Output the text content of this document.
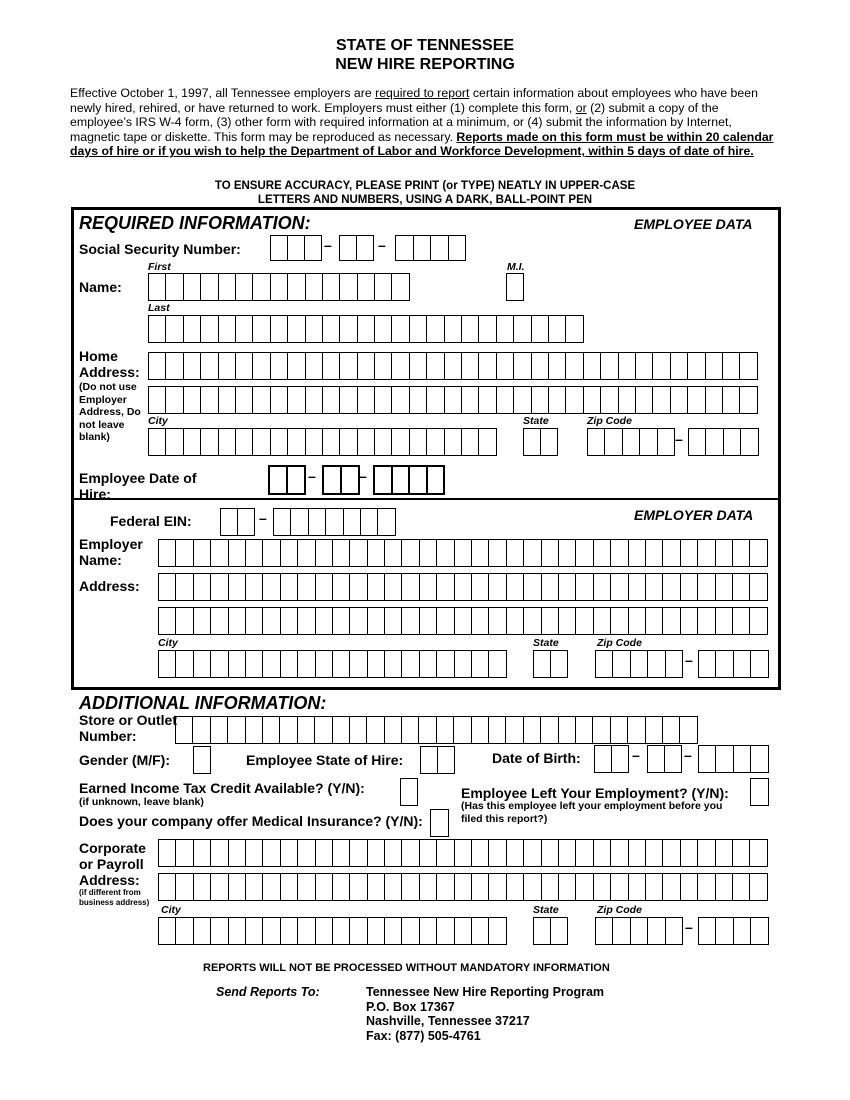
STATE OF TENNESSEE
NEW HIRE REPORTING
Effective October 1, 1997, all Tennessee employers are required to report certain information about employees who have been newly hired, rehired, or have returned to work. Employers must either (1) complete this form, or (2) submit a copy of the employee’s IRS W-4 form, (3) other form with required information at a minimum, or (4) submit the information by Internet, magnetic tape or diskette. This form may be reproduced as necessary. Reports made on this form must be within 20 calendar days of hire or if you wish to help the Department of Labor and Workforce Development, within 5 days of date of hire.
TO ENSURE ACCURACY, PLEASE PRINT (or TYPE) NEATLY IN UPPER-CASE
LETTERS AND NUMBERS, USING A DARK, BALL-POINT PEN
REQUIRED INFORMATION:	EMPLOYEE DATA
Social Security Number:	–	–
First	M.I.
Name:
Last
Home Address:
(Do not use Employer Address, Do not leave blank)
City	State	Zip Code
–
Employee Date of Hire:
–	–
EMPLOYER DATA
Federal EIN:	–
Employer Name:
Address:
City	State	Zip Code
–
ADDITIONAL INFORMATION:
Store or Outlet Number:
Gender (M/F):	Employee State of Hire:	Date of Birth:	–	–
Earned Income Tax Credit Available? (Y/N):
(if unknown, leave blank)
Employee Left Your Employment? (Y/N):
(Has this employee left your employment before you filed this report?)
Does your company offer Medical Insurance? (Y/N):
Corporate or Payroll Address:
(if different from business address)
City	State	Zip Code
–
REPORTS WILL NOT BE PROCESSED WITHOUT MANDATORY INFORMATION
Send Reports To:	Tennessee New Hire Reporting Program
P.O. Box 17367
Nashville, Tennessee 37217
Fax: (877) 505-4761
